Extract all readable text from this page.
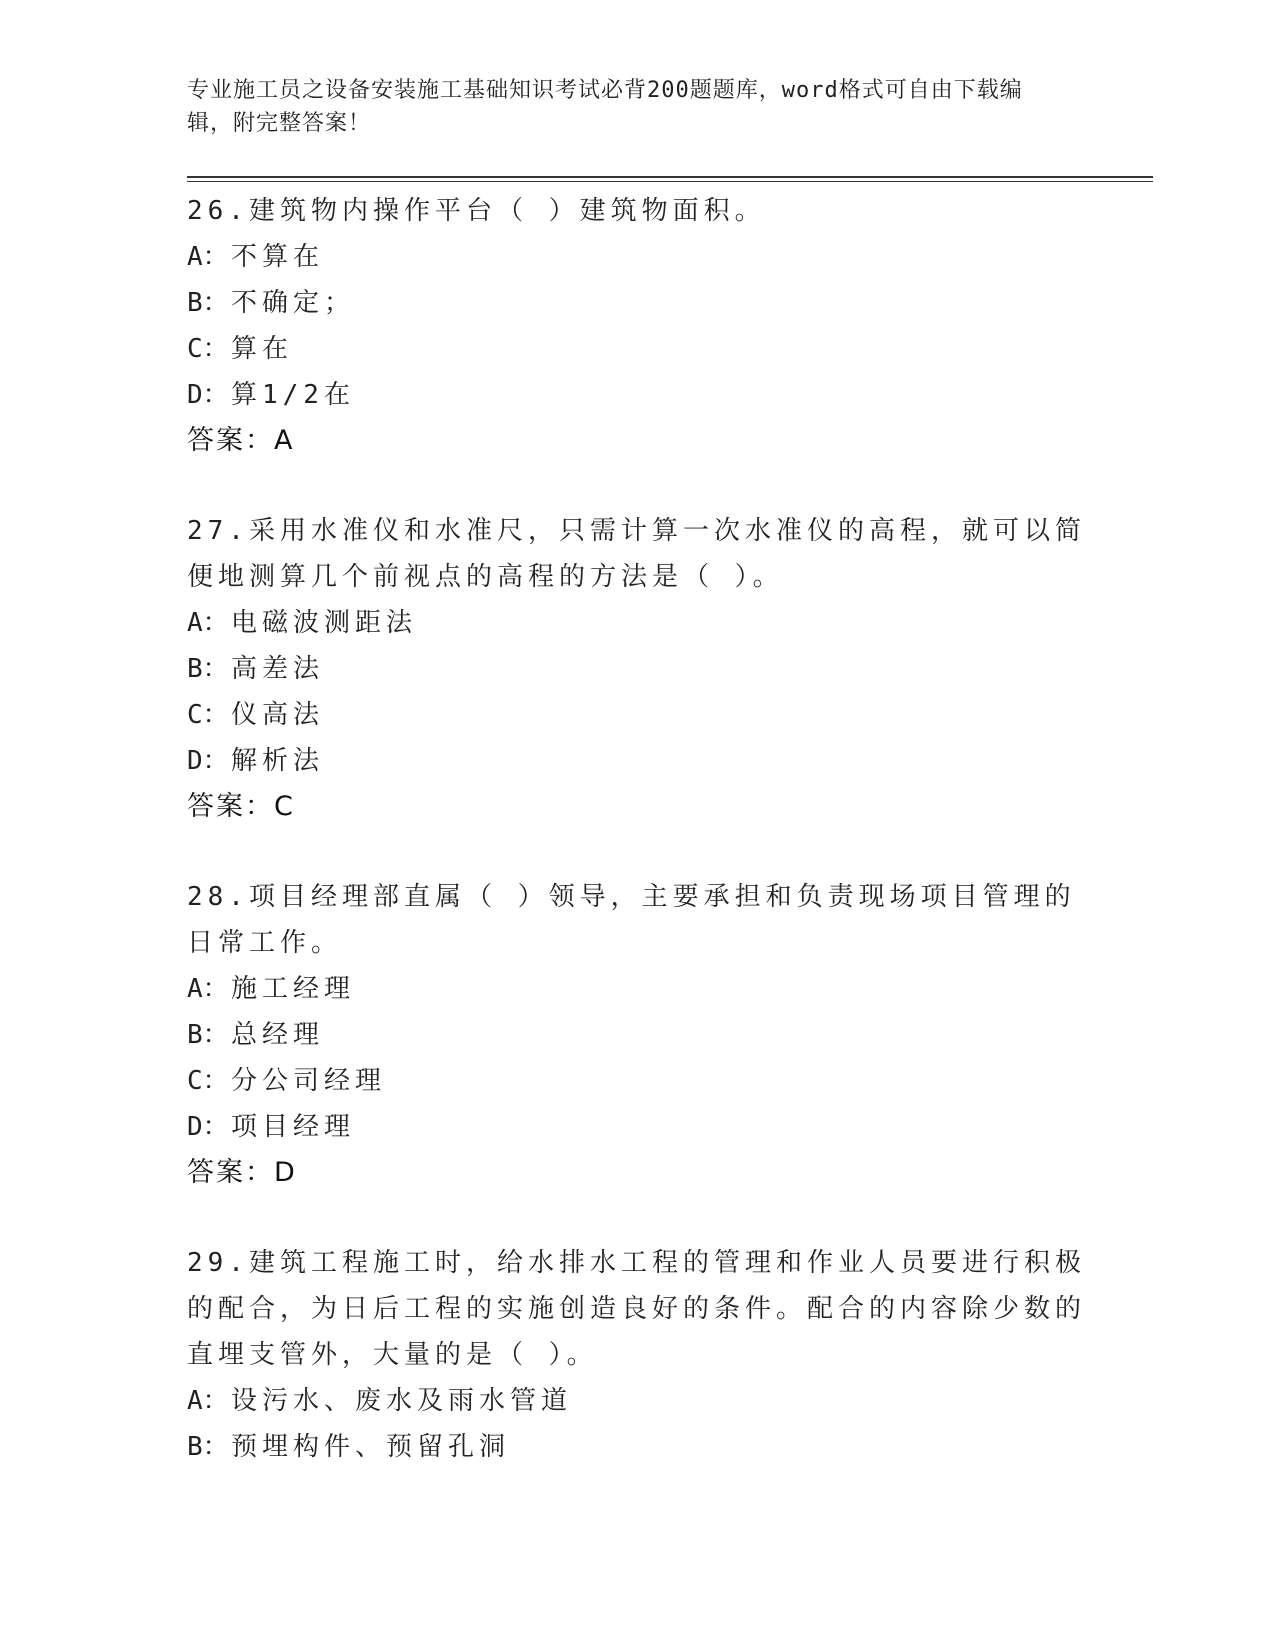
专业施工员之设备安装施工基础知识考试必背200题题库，word格式可自由下载编辑，附完整答案！

26.建筑物内操作平台（ ）建筑物面积。

A：不算在
B：不确定；
C：算在
D：算1/2在
答案：A

27.采用水准仪和水准尺，只需计算一次水准仪的高程，就可以简便地测算几个前视点的高程的方法是（ ）。

A：电磁波测距法
B：高差法
C：仪高法
D：解析法
答案：C

28.项目经理部直属（ ）领导，主要承担和负责现场项目管理的日常工作。

A：施工经理
B：总经理
C：分公司经理
D：项目经理
答案：D

29.建筑工程施工时，给水排水工程的管理和作业人员要进行积极的配合，为日后工程的实施创造良好的条件。配合的内容除少数的直埋支管外，大量的是（ ）。

A：设污水、废水及雨水管道
B：预埋构件、预留孔洞
